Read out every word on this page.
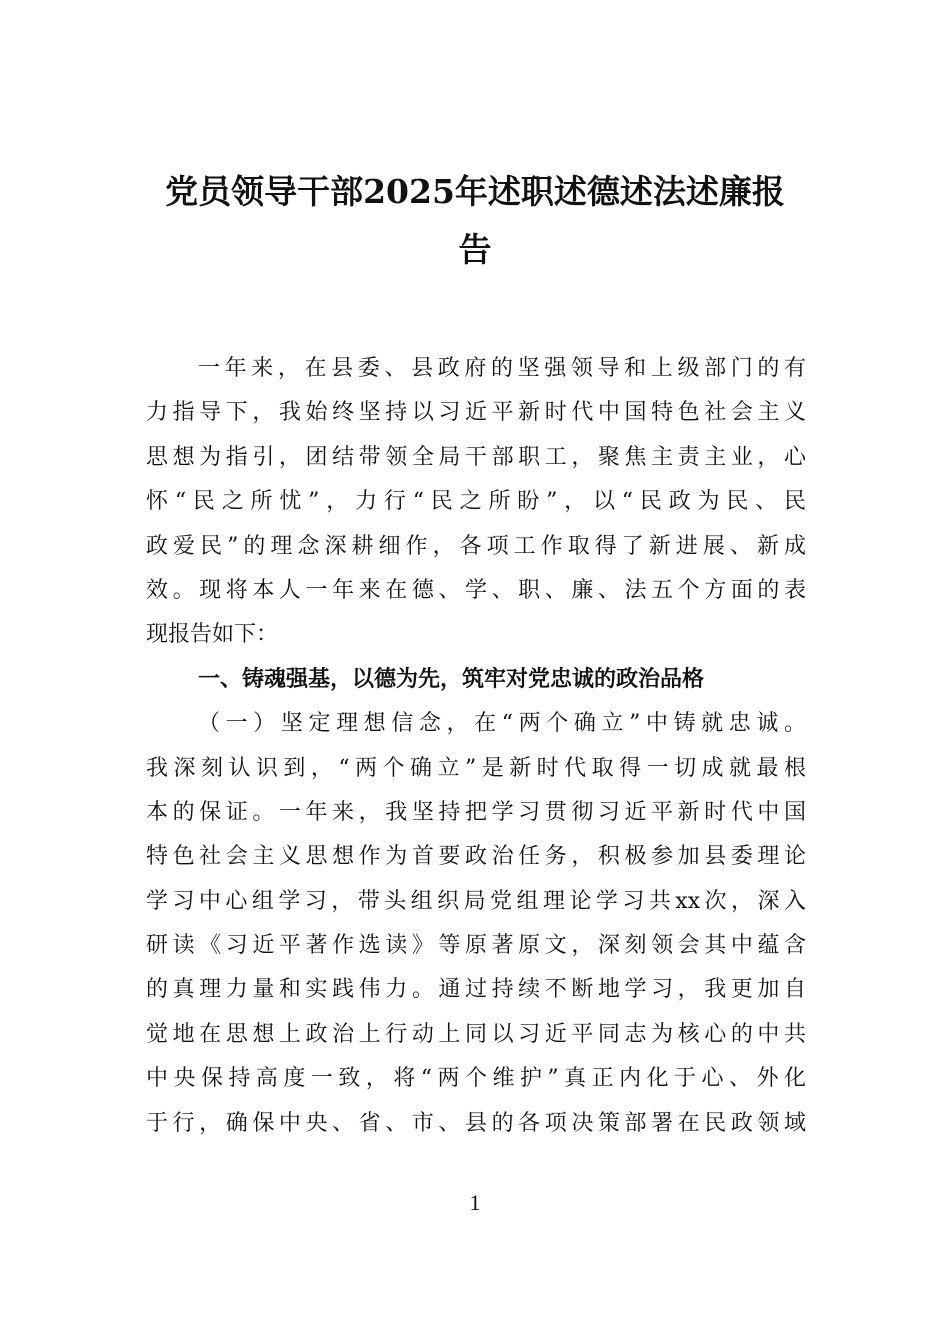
党员领导干部2025年述职述德述法述廉报
告
一年来，在县委、县政府的坚强领导和上级部门的有
力指导下，我始终坚持以习近平新时代中国特色社会主义
思想为指引，团结带领全局干部职工，聚焦主责主业，心
怀“民之所忧”，力行“民之所盼”，以“民政为民、民
政爱民”的理念深耕细作，各项工作取得了新进展、新成
效。现将本人一年来在德、学、职、廉、法五个方面的表
现报告如下：
一、铸魂强基，以德为先，筑牢对党忠诚的政治品格
（一）坚定理想信念，在“两个确立”中铸就忠诚。
我深刻认识到，“两个确立”是新时代取得一切成就最根
本的保证。一年来，我坚持把学习贯彻习近平新时代中国
特色社会主义思想作为首要政治任务，积极参加县委理论
学习中心组学习，带头组织局党组理论学习共xx次，深入
研读《习近平著作选读》等原著原文，深刻领会其中蕴含
的真理力量和实践伟力。通过持续不断地学习，我更加自
觉地在思想上政治上行动上同以习近平同志为核心的中共
中央保持高度一致，将“两个维护”真正内化于心、外化
于行，确保中央、省、市、县的各项决策部署在民政领域
1
